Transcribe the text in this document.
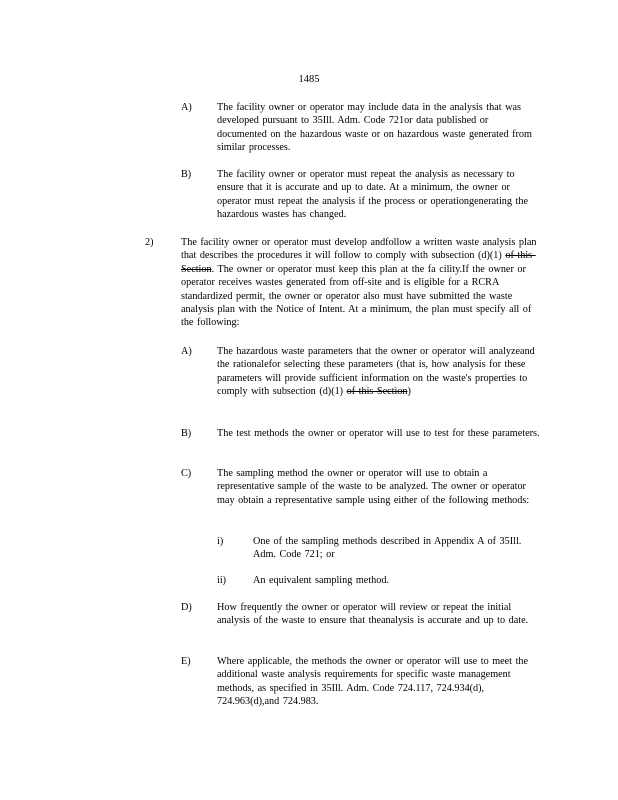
1485
A) The facility owner or operator may include data in the analysis that was developed pursuant to 35Ill. Adm. Code 721or data published or documented on the hazardous waste or on hazardous waste generated from similar processes.
B)	The facility owner or operator must repeat the analysis as necessary to ensure that it is accurate and up to date. At a minimum, the owner or operator must repeat the analysis if the process or operationgenerating the hazardous wastes has changed.
2)	The facility owner or operator must develop andfollow a written waste analysis plan that describes the procedures it will follow to comply with subsection (d)(1) of this Section. The owner or operator must keep this plan at the fa cility.If the owner or operator receives wastes generated from off-site and is eligible for a RCRA standardized permit, the owner or operator also must have submitted the waste analysis plan with the Notice of Intent. At a minimum, the plan must specify all of the following:
A) The hazardous waste parameters that the owner or operator will analyzeand the rationalefor selecting these parameters (that is, how analysis for these parameters will provide sufficient information on the waste's properties to comply with subsection (d)(1) of this Section)
B)	The test methods the owner or operator will use to test for these parameters.
C)	The sampling method the owner or operator will use to obtain a representative sample of the waste to be analyzed. The owner or operator may obtain a representative sample using either of the following methods:
i)	One of the sampling methods described in Appendix A of 35Ill. Adm. Code 721; or
ii)	An equivalent sampling method.
D) How frequently the owner or operator will review or repeat the initial analysis of the waste to ensure that theanalysis is accurate and up to date.
E)	Where applicable, the methods the owner or operator will use to meet the additional waste analysis requirements for specific waste management methods, as specified in 35Ill. Adm. Code 724.117, 724.934(d), 724.963(d),and 724.983.
